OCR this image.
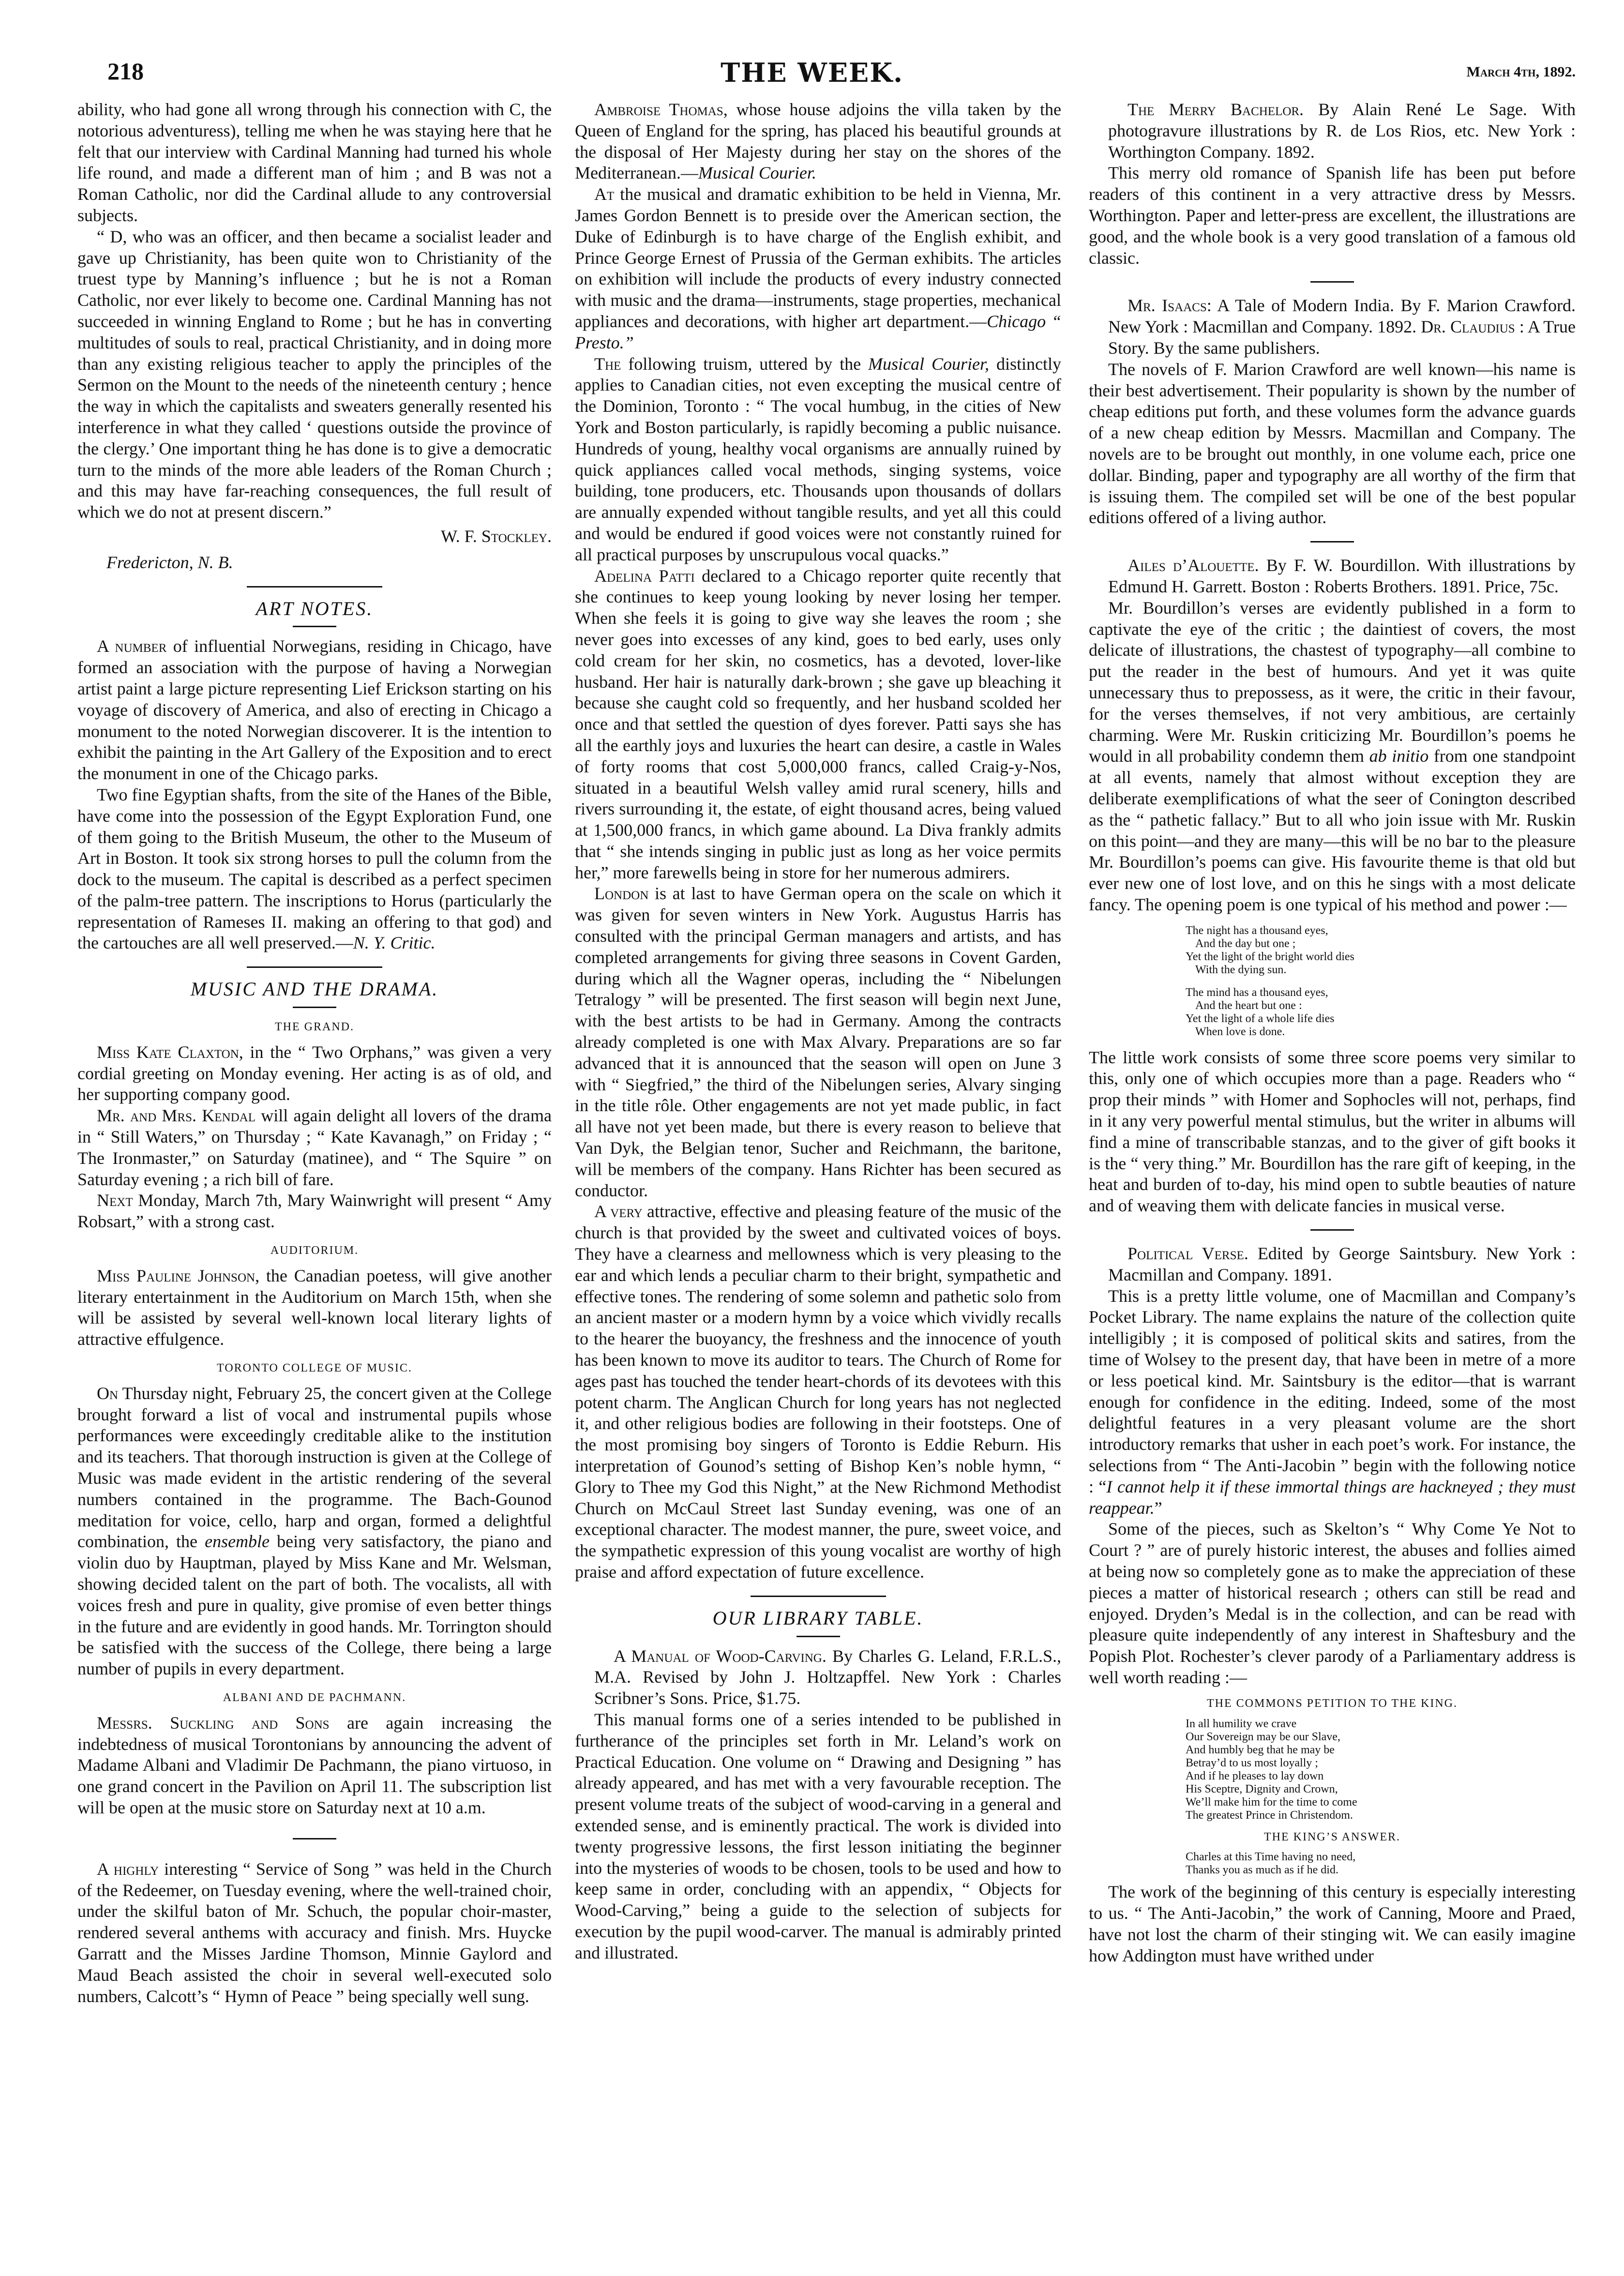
218	THE WEEK.	March 4th, 1892.

ability, who had gone all wrong through his connection with C, the notorious adventuress), telling me when he was staying here that he felt that our interview with Cardinal Manning had turned his whole life round, and made a different man of him ; and B was not a Roman Catholic, nor did the Cardinal allude to any controversial subjects.

“ D, who was an officer, and then became a socialist leader and gave up Christianity, has been quite won to Christianity of the truest type by Manning’s influence ; but he is not a Roman Catholic, nor ever likely to become one. Cardinal Manning has not succeeded in winning England to Rome ; but he has in converting multitudes of souls to real, practical Christianity, and in doing more than any existing religious teacher to apply the principles of the Sermon on the Mount to the needs of the nineteenth century ; hence the way in which the capitalists and sweaters generally resented his interference in what they called ‘ questions outside the province of the clergy.’ One important thing he has done is to give a democratic turn to the minds of the more able leaders of the Roman Church ; and this may have far-reaching consequences, the full result of which we do not at present discern.”

W. F. Stockley.
Fredericton, N. B.
ART NOTES.

A number of influential Norwegians, residing in Chicago, have formed an association with the purpose of having a Norwegian artist paint a large picture representing Lief Erickson starting on his voyage of discovery of America, and also of erecting in Chicago a monument to the noted Norwegian discoverer. It is the intention to exhibit the painting in the Art Gallery of the Exposition and to erect the monument in one of the Chicago parks.

Two fine Egyptian shafts, from the site of the Hanes of the Bible, have come into the possession of the Egypt Exploration Fund, one of them going to the British Museum, the other to the Museum of Art in Boston. It took six strong horses to pull the column from the dock to the museum. The capital is described as a perfect specimen of the palm-tree pattern. The inscriptions to Horus (particularly the representation of Rameses II. making an offering to that god) and the cartouches are all well preserved.—N. Y. Critic.

MUSIC AND THE DRAMA.
THE GRAND.

Miss Kate Claxton, in the “ Two Orphans,” was given a very cordial greeting on Monday evening. Her acting is as of old, and her supporting company good.

Mr. and Mrs. Kendal will again delight all lovers of the drama in “ Still Waters,” on Thursday ; “ Kate Kavanagh,” on Friday ; “ The Ironmaster,” on Saturday (matinee), and “ The Squire ” on Saturday evening ; a rich bill of fare.

Next Monday, March 7th, Mary Wainwright will present “ Amy Robsart,” with a strong cast.

AUDITORIUM.

Miss Pauline Johnson, the Canadian poetess, will give another literary entertainment in the Auditorium on March 15th, when she will be assisted by several well-known local literary lights of attractive effulgence.

TORONTO COLLEGE OF MUSIC.

On Thursday night, February 25, the concert given at the College brought forward a list of vocal and instrumental pupils whose performances were exceedingly creditable alike to the institution and its teachers. That thorough instruction is given at the College of Music was made evident in the artistic rendering of the several numbers contained in the programme. The Bach-Gounod meditation for voice, cello, harp and organ, formed a delightful combination, the ensemble being very satisfactory, the piano and violin duo by Hauptman, played by Miss Kane and Mr. Welsman, showing decided talent on the part of both. The vocalists, all with voices fresh and pure in quality, give promise of even better things in the future and are evidently in good hands. Mr. Torrington should be satisfied with the success of the College, there being a large number of pupils in every department.

ALBANI AND DE PACHMANN.

Messrs. Suckling and Sons are again increasing the indebtedness of musical Torontonians by announcing the advent of Madame Albani and Vladimir De Pachmann, the piano virtuoso, in one grand concert in the Pavilion on April 11. The subscription list will be open at the music store on Saturday next at 10 a.m.

A highly interesting “ Service of Song ” was held in the Church of the Redeemer, on Tuesday evening, where the well-trained choir, under the skilful baton of Mr. Schuch, the popular choir-master, rendered several anthems with accuracy and finish. Mrs. Huycke Garratt and the Misses Jardine Thomson, Minnie Gaylord and Maud Beach assisted the choir in several well-executed solo numbers, Calcott’s “ Hymn of Peace ” being specially well sung.

Ambroise Thomas, whose house adjoins the villa taken by the Queen of England for the spring, has placed his beautiful grounds at the disposal of Her Majesty during her stay on the shores of the Mediterranean.—Musical Courier.

At the musical and dramatic exhibition to be held in Vienna, Mr. James Gordon Bennett is to preside over the American section, the Duke of Edinburgh is to have charge of the English exhibit, and Prince George Ernest of Prussia of the German exhibits. The articles on exhibition will include the products of every industry connected with music and the drama—instruments, stage properties, mechanical appliances and decorations, with higher art department.—Chicago “ Presto.”

The following truism, uttered by the Musical Courier, distinctly applies to Canadian cities, not even excepting the musical centre of the Dominion, Toronto : “ The vocal humbug, in the cities of New York and Boston particularly, is rapidly becoming a public nuisance. Hundreds of young, healthy vocal organisms are annually ruined by quick appliances called vocal methods, singing systems, voice building, tone producers, etc. Thousands upon thousands of dollars are annually expended without tangible results, and yet all this could and would be endured if good voices were not constantly ruined for all practical purposes by unscrupulous vocal quacks.”

Adelina Patti declared to a Chicago reporter quite recently that she continues to keep young looking by never losing her temper. When she feels it is going to give way she leaves the room ; she never goes into excesses of any kind, goes to bed early, uses only cold cream for her skin, no cosmetics, has a devoted, lover-like husband. Her hair is naturally dark-brown ; she gave up bleaching it because she caught cold so frequently, and her husband scolded her once and that settled the question of dyes forever. Patti says she has all the earthly joys and luxuries the heart can desire, a castle in Wales of forty rooms that cost 5,000,000 francs, called Craig-y-Nos, situated in a beautiful Welsh valley amid rural scenery, hills and rivers surrounding it, the estate, of eight thousand acres, being valued at 1,500,000 francs, in which game abound. La Diva frankly admits that “ she intends singing in public just as long as her voice permits her,” more farewells being in store for her numerous admirers.

London is at last to have German opera on the scale on which it was given for seven winters in New York. Augustus Harris has consulted with the principal German managers and artists, and has completed arrangements for giving three seasons in Covent Garden, during which all the Wagner operas, including the “ Nibelungen Tetralogy ” will be presented. The first season will begin next June, with the best artists to be had in Germany. Among the contracts already completed is one with Max Alvary. Preparations are so far advanced that it is announced that the season will open on June 3 with “ Siegfried,” the third of the Nibelungen series, Alvary singing in the title rôle. Other engagements are not yet made public, in fact all have not yet been made, but there is every reason to believe that Van Dyk, the Belgian tenor, Sucher and Reichmann, the baritone, will be members of the company. Hans Richter has been secured as conductor.

A very attractive, effective and pleasing feature of the music of the church is that provided by the sweet and cultivated voices of boys. They have a clearness and mellowness which is very pleasing to the ear and which lends a peculiar charm to their bright, sympathetic and effective tones. The rendering of some solemn and pathetic solo from an ancient master or a modern hymn by a voice which vividly recalls to the hearer the buoyancy, the freshness and the innocence of youth has been known to move its auditor to tears. The Church of Rome for ages past has touched the tender heart-chords of its devotees with this potent charm. The Anglican Church for long years has not neglected it, and other religious bodies are following in their footsteps. One of the most promising boy singers of Toronto is Eddie Reburn. His interpretation of Gounod’s setting of Bishop Ken’s noble hymn, “ Glory to Thee my God this Night,” at the New Richmond Methodist Church on McCaul Street last Sunday evening, was one of an exceptional character. The modest manner, the pure, sweet voice, and the sympathetic expression of this young vocalist are worthy of high praise and afford expectation of future excellence.

OUR LIBRARY TABLE.

A Manual of Wood-Carving. By Charles G. Leland, F.R.L.S., M.A. Revised by John J. Holtzapffel. New York : Charles Scribner’s Sons. Price, $1.75.

This manual forms one of a series intended to be published in furtherance of the principles set forth in Mr. Leland’s work on Practical Education. One volume on “ Drawing and Designing ” has already appeared, and has met with a very favourable reception. The present volume treats of the subject of wood-carving in a general and extended sense, and is eminently practical. The work is divided into twenty progressive lessons, the first lesson initiating the beginner into the mysteries of woods to be chosen, tools to be used and how to keep same in order, concluding with an appendix, “ Objects for Wood-Carving,” being a guide to the selection of subjects for execution by the pupil wood-carver. The manual is admirably printed and illustrated.

The Merry Bachelor. By Alain René Le Sage. With photogravure illustrations by R. de Los Rios, etc. New York : Worthington Company. 1892.

This merry old romance of Spanish life has been put before readers of this continent in a very attractive dress by Messrs. Worthington. Paper and letter-press are excellent, the illustrations are good, and the whole book is a very good translation of a famous old classic.

Mr. Isaacs: A Tale of Modern India. By F. Marion Crawford. New York : Macmillan and Company. 1892. Dr. Claudius : A True Story. By the same publishers.

The novels of F. Marion Crawford are well known—his name is their best advertisement. Their popularity is shown by the number of cheap editions put forth, and these volumes form the advance guards of a new cheap edition by Messrs. Macmillan and Company. The novels are to be brought out monthly, in one volume each, price one dollar. Binding, paper and typography are all worthy of the firm that is issuing them. The compiled set will be one of the best popular editions offered of a living author.

Ailes d’Alouette. By F. W. Bourdillon. With illustrations by Edmund H. Garrett. Boston : Roberts Brothers. 1891. Price, 75c.

Mr. Bourdillon’s verses are evidently published in a form to captivate the eye of the critic ; the daintiest of covers, the most delicate of illustrations, the chastest of typography—all combine to put the reader in the best of humours. And yet it was quite unnecessary thus to prepossess, as it were, the critic in their favour, for the verses themselves, if not very ambitious, are certainly charming. Were Mr. Ruskin criticizing Mr. Bourdillon’s poems he would in all probability condemn them ab initio from one standpoint at all events, namely that almost without exception they are deliberate exemplifications of what the seer of Conington described as the “ pathetic fallacy.” But to all who join issue with Mr. Ruskin on this point—and they are many—this will be no bar to the pleasure Mr. Bourdillon’s poems can give. His favourite theme is that old but ever new one of lost love, and on this he sings with a most delicate fancy. The opening poem is one typical of his method and power :—

The night has a thousand eyes,
And the day but one ;
Yet the light of the bright world dies
With the dying sun.
The mind has a thousand eyes,
And the heart but one :
Yet the light of a whole life dies
When love is done.

The little work consists of some three score poems very similar to this, only one of which occupies more than a page. Readers who “ prop their minds ” with Homer and Sophocles will not, perhaps, find in it any very powerful mental stimulus, but the writer in albums will find a mine of transcribable stanzas, and to the giver of gift books it is the “ very thing.” Mr. Bourdillon has the rare gift of keeping, in the heat and burden of to-day, his mind open to subtle beauties of nature and of weaving them with delicate fancies in musical verse.

Political Verse. Edited by George Saintsbury. New York : Macmillan and Company. 1891.

This is a pretty little volume, one of Macmillan and Company’s Pocket Library. The name explains the nature of the collection quite intelligibly ; it is composed of political skits and satires, from the time of Wolsey to the present day, that have been in metre of a more or less poetical kind. Mr. Saintsbury is the editor—that is warrant enough for confidence in the editing. Indeed, some of the most delightful features in a very pleasant volume are the short introductory remarks that usher in each poet’s work. For instance, the selections from “ The Anti-Jacobin ” begin with the following notice : “I cannot help it if these immortal things are hackneyed ; they must reappear.”

Some of the pieces, such as Skelton’s “ Why Come Ye Not to Court ? ” are of purely historic interest, the abuses and follies aimed at being now so completely gone as to make the appreciation of these pieces a matter of historical research ; others can still be read and enjoyed. Dryden’s Medal is in the collection, and can be read with pleasure quite independently of any interest in Shaftesbury and the Popish Plot. Rochester’s clever parody of a Parliamentary address is well worth reading :—

THE COMMONS PETITION TO THE KING.
In all humility we crave
Our Sovereign may be our Slave,
And humbly beg that he may be
Betray’d to us most loyally ;
And if he pleases to lay down
His Sceptre, Dignity and Crown,
We’ll make him for the time to come
The greatest Prince in Christendom.
THE KING’S ANSWER.
Charles at this Time having no need,
Thanks you as much as if he did.

The work of the beginning of this century is especially interesting to us. “ The Anti-Jacobin,” the work of Canning, Moore and Praed, have not lost the charm of their stinging wit. We can easily imagine how Addington must have writhed under
